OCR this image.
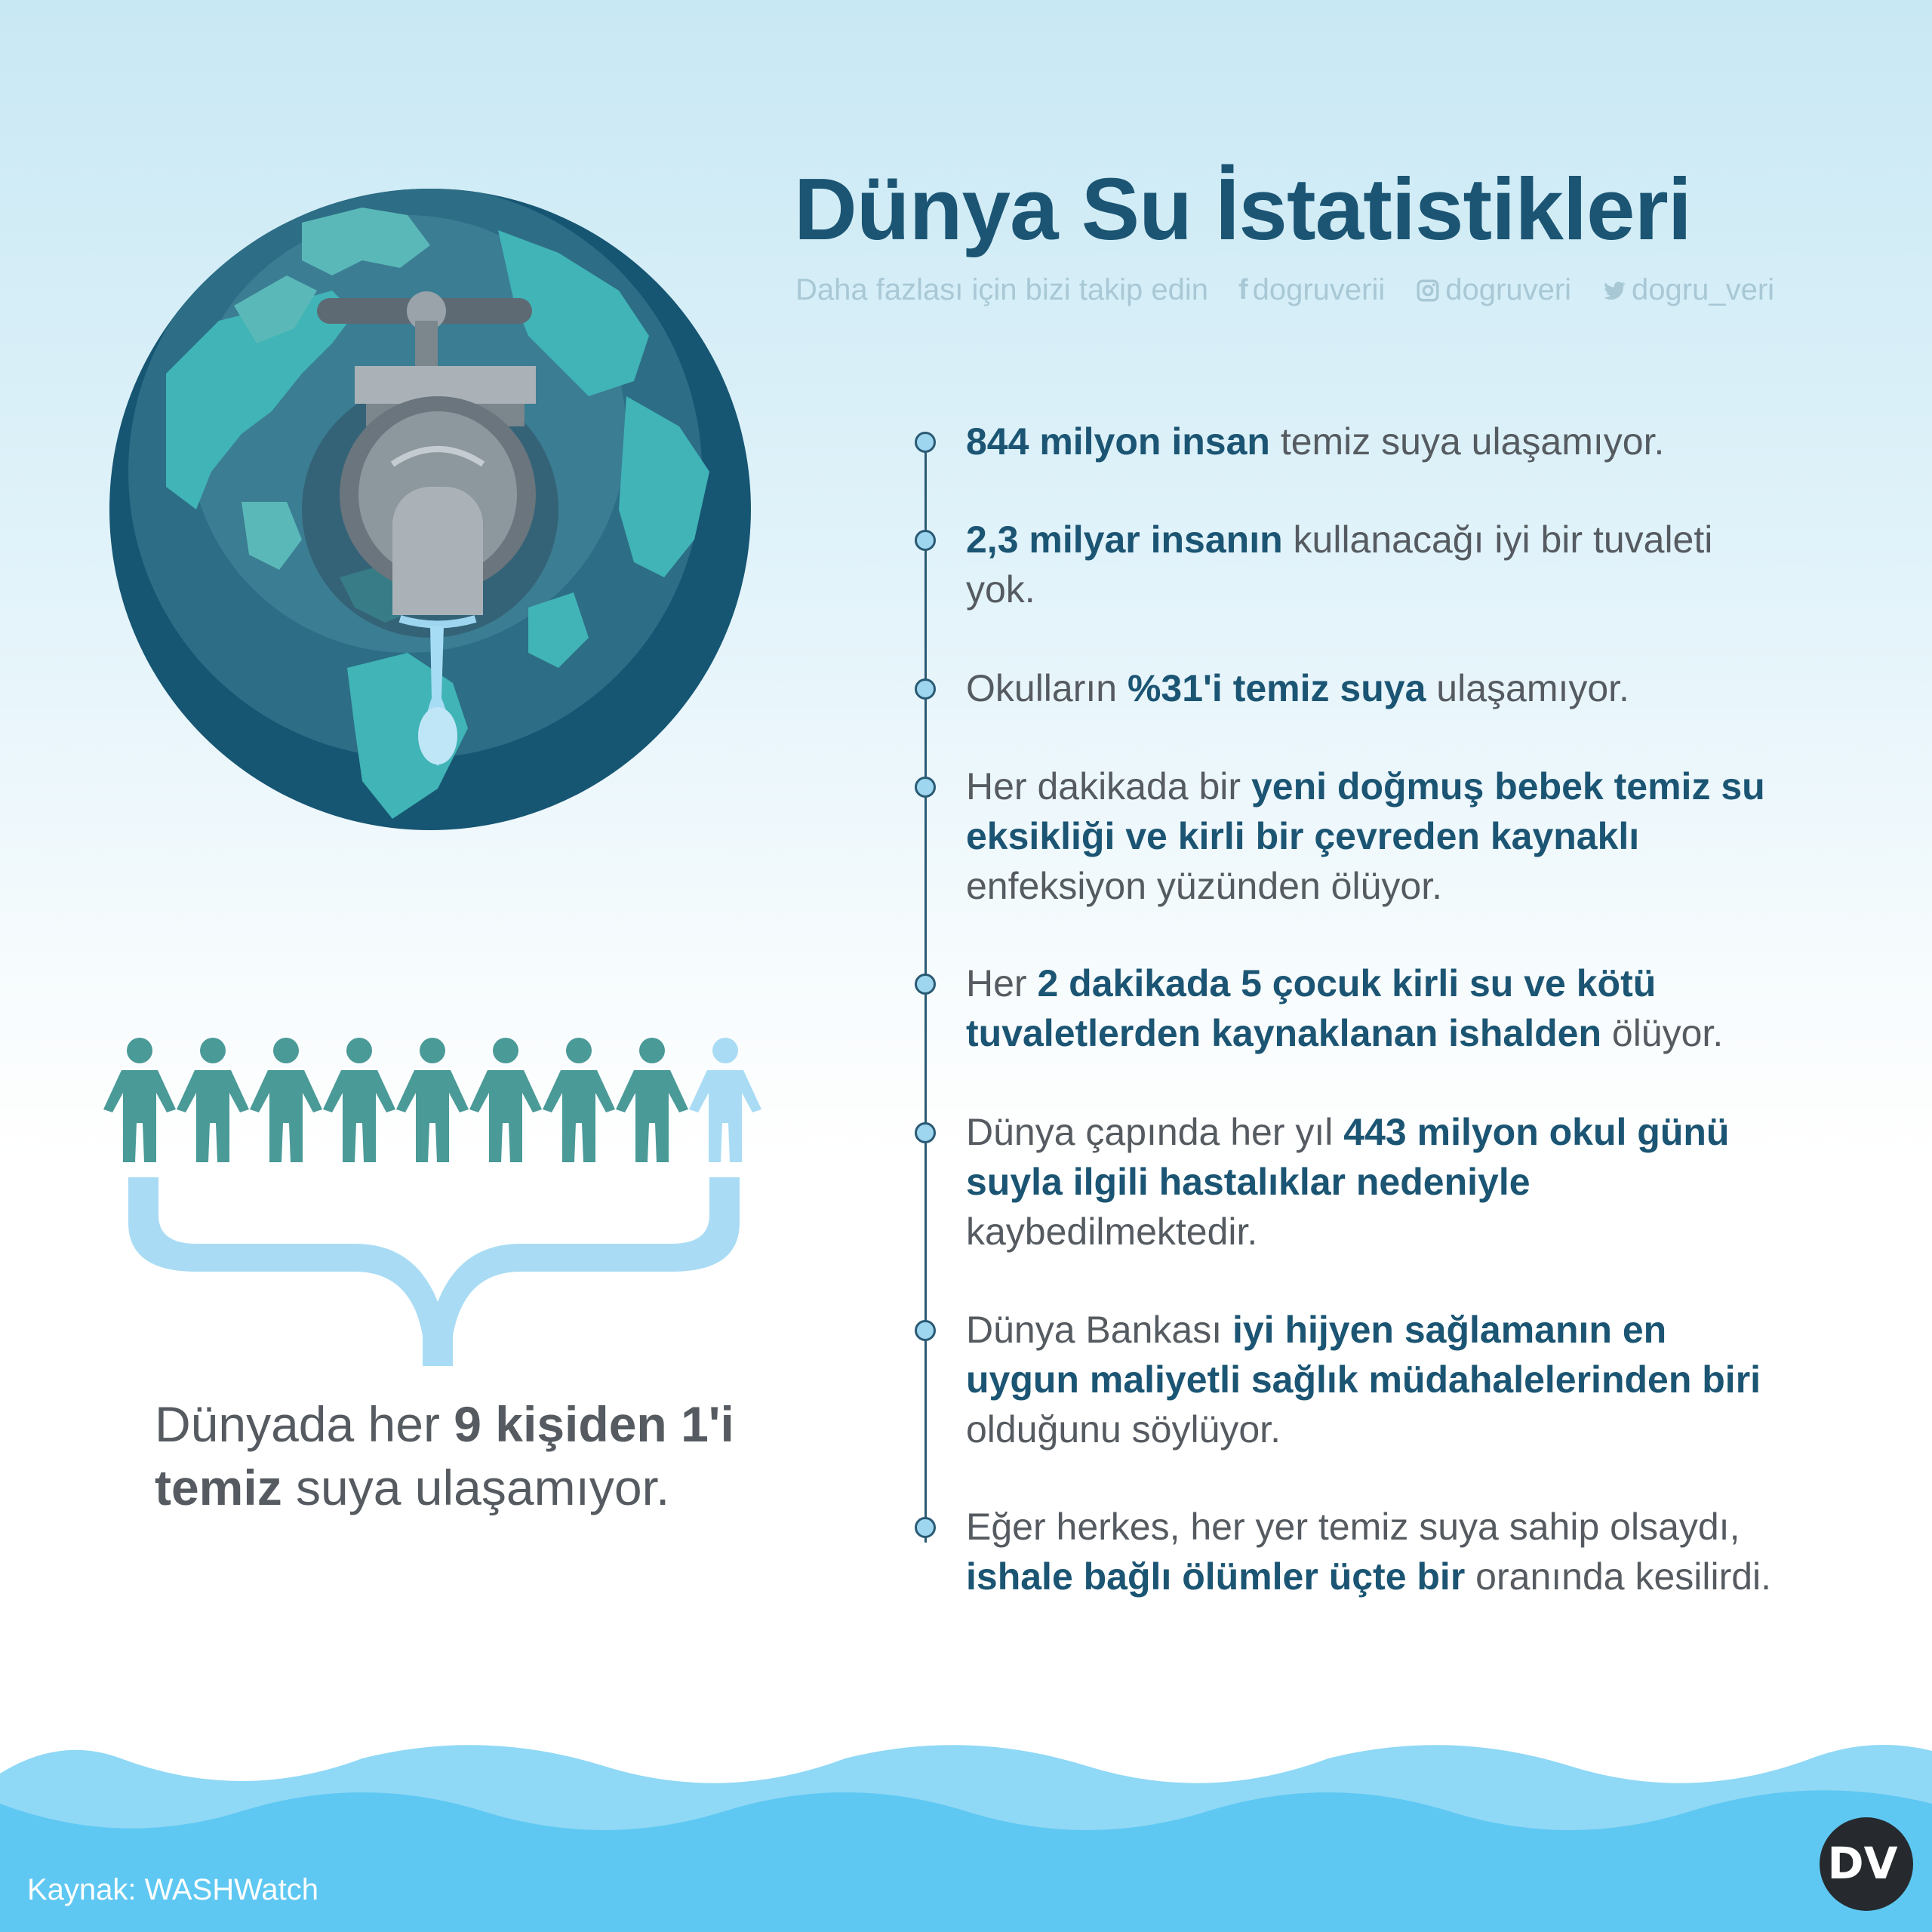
Dünya Su İstatistikleri
Daha fazlası için bizi takip edin f dogruverii dogruveri dogru_veri
844 milyon insan temiz suya ulaşamıyor.
2,3 milyar insanın kullanacağı iyi bir tuvaleti yok.
Okulların %31'i temiz suya ulaşamıyor.
Her dakikada bir yeni doğmuş bebek temiz su eksikliği ve kirli bir çevreden kaynaklı enfeksiyon yüzünden ölüyor.
Her 2 dakikada 5 çocuk kirli su ve kötü tuvaletlerden kaynaklanan ishalden ölüyor.
Dünya çapında her yıl 443 milyon okul günü suyla ilgili hastalıklar nedeniyle kaybedilmektedir.
Dünya Bankası iyi hijyen sağlamanın en uygun maliyetli sağlık müdahalelerinden biri olduğunu söylüyor.
Eğer herkes, her yer temiz suya sahip olsaydı, ishale bağlı ölümler üçte bir oranında kesilirdi.
Dünyada her 9 kişiden 1'i temiz suya ulaşamıyor.
Kaynak: WASHWatch
DV
